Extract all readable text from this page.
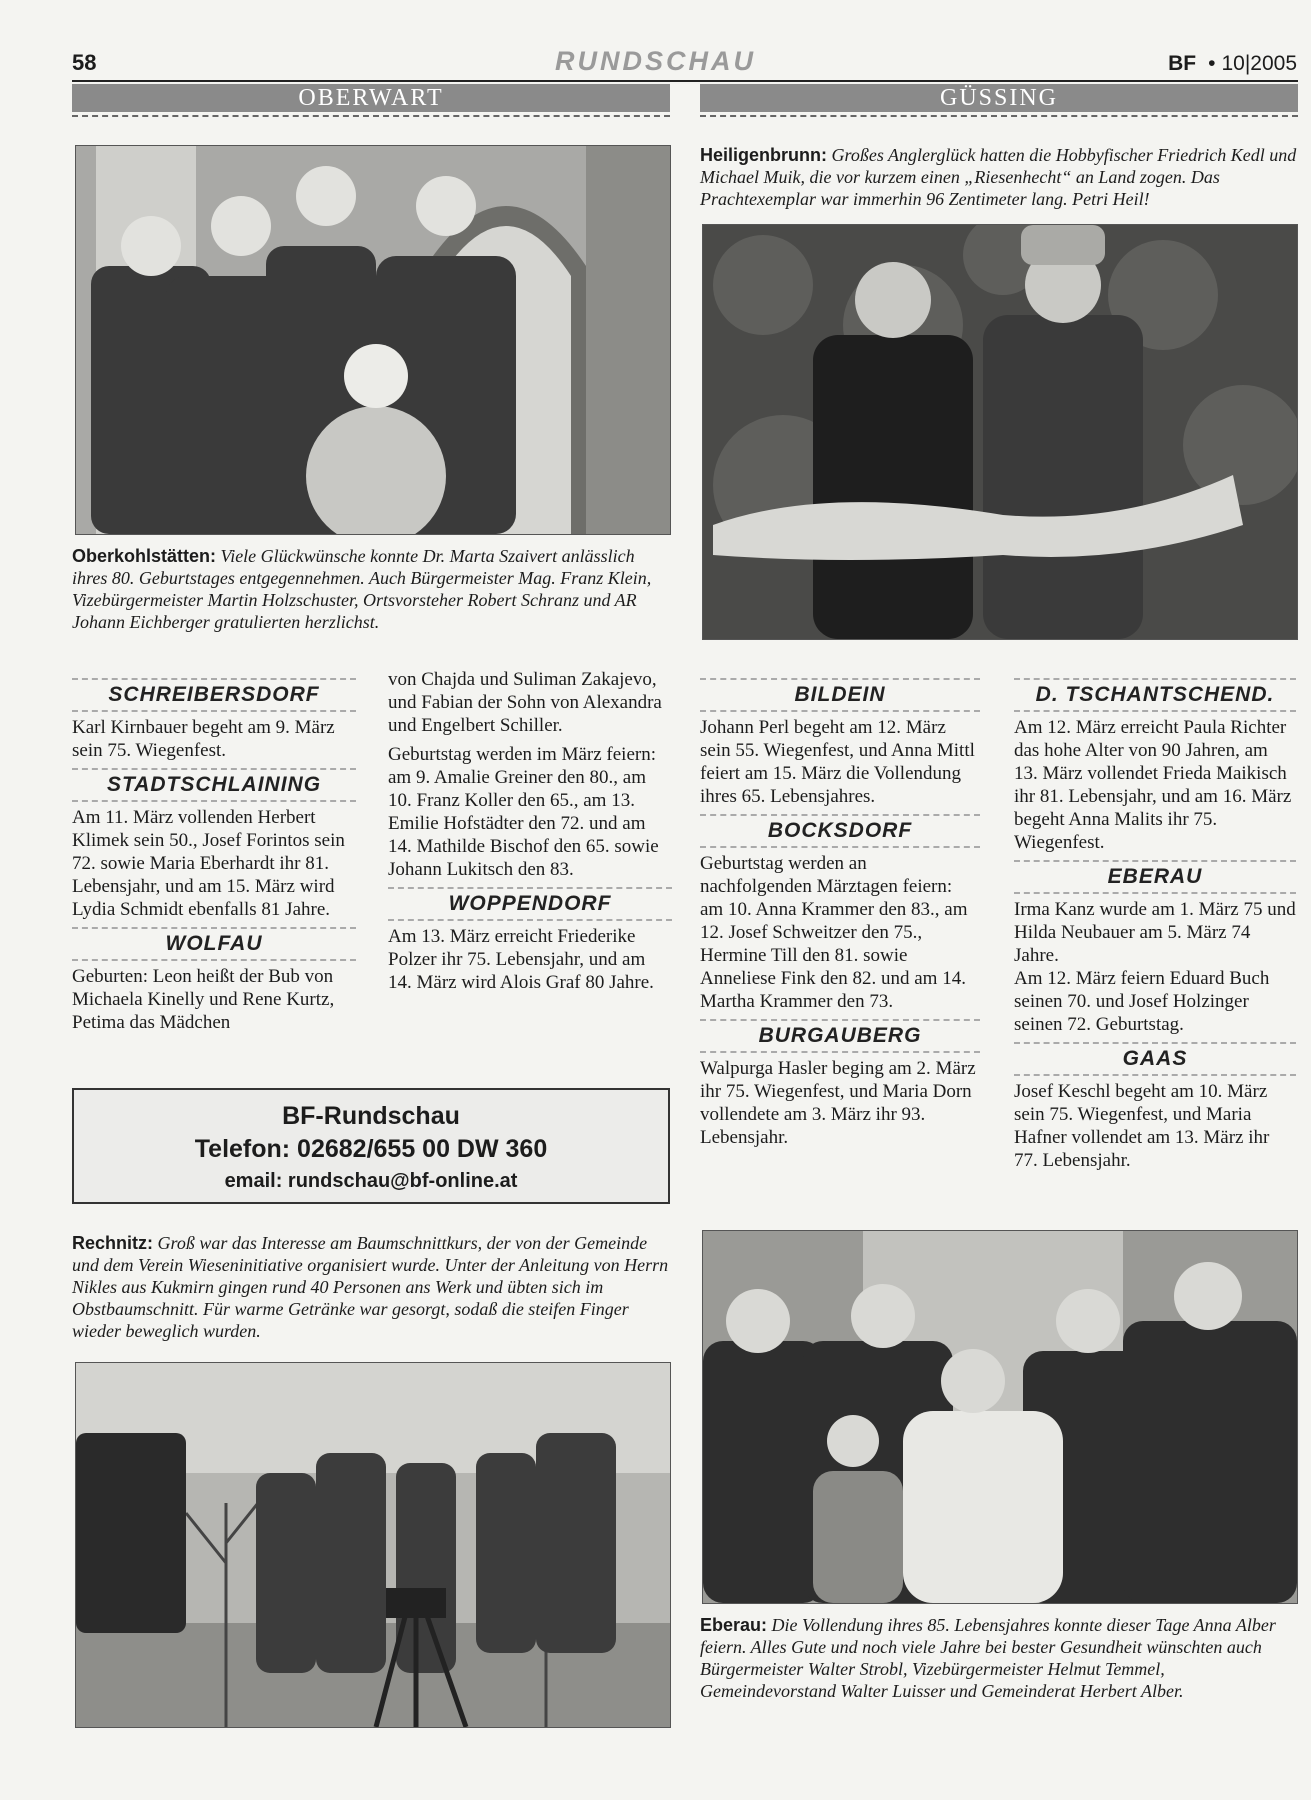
58	RUNDSCHAU	BF • 10|2005
OBERWART	GÜSSING
Oberkohlstätten: Viele Glückwünsche konnte Dr. Marta Szaivert anlässlich ihres 80. Geburtstages entgegennehmen. Auch Bürgermeister Mag. Franz Klein, Vizebürgermeister Martin Holzschuster, Ortsvorsteher Robert Schranz und AR Johann Eichberger gratulierten herzlichst.
Heiligenbrunn: Großes Anglerglück hatten die Hobbyfischer Friedrich Kedl und Michael Muik, die vor kurzem einen „Riesenhecht“ an Land zogen. Das Prachtexemplar war immerhin 96 Zentimeter lang. Petri Heil!
SCHREIBERSDORF
Karl Kirnbauer begeht am 9. März sein 75. Wiegenfest.
STADTSCHLAINING
Am 11. März vollenden Herbert Klimek sein 50., Josef Forintos sein 72. sowie Maria Eberhardt ihr 81. Lebensjahr, und am 15. März wird Lydia Schmidt ebenfalls 81 Jahre.
WOLFAU
Geburten: Leon heißt der Bub von Michaela Kinelly und Rene Kurtz, Petima das Mädchen
von Chajda und Suliman Zakajevo, und Fabian der Sohn von Alexandra und Engelbert Schiller.
Geburtstag werden im März feiern: am 9. Amalie Greiner den 80., am 10. Franz Koller den 65., am 13. Emilie Hofstädter den 72. und am 14. Mathilde Bischof den 65. sowie Johann Lukitsch den 83.
WOPPENDORF
Am 13. März erreicht Friederike Polzer ihr 75. Lebensjahr, und am 14. März wird Alois Graf 80 Jahre.
BILDEIN
Johann Perl begeht am 12. März sein 55. Wiegenfest, und Anna Mittl feiert am 15. März die Vollendung ihres 65. Lebensjahres.
BOCKSDORF
Geburtstag werden an nachfolgenden Märztagen feiern: am 10. Anna Krammer den 83., am 12. Josef Schweitzer den 75., Hermine Till den 81. sowie Anneliese Fink den 82. und am 14. Martha Krammer den 73.
BURGAUBERG
Walpurga Hasler beging am 2. März ihr 75. Wiegenfest, und Maria Dorn vollendete am 3. März ihr 93. Lebensjahr.
D. TSCHANTSCHEND.
Am 12. März erreicht Paula Richter das hohe Alter von 90 Jahren, am 13. März vollendet Frieda Maikisch ihr 81. Lebensjahr, und am 16. März begeht Anna Malits ihr 75. Wiegenfest.
EBERAU
Irma Kanz wurde am 1. März 75 und Hilda Neubauer am 5. März 74 Jahre.
Am 12. März feiern Eduard Buch seinen 70. und Josef Holzinger seinen 72. Geburtstag.
GAAS
Josef Keschl begeht am 10. März sein 75. Wiegenfest, und Maria Hafner vollendet am 13. März ihr 77. Lebensjahr.
BF-Rundschau
Telefon: 02682/655 00 DW 360
email: rundschau@bf-online.at
Rechnitz: Groß war das Interesse am Baumschnittkurs, der von der Gemeinde und dem Verein Wieseninitiative organisiert wurde. Unter der Anleitung von Herrn Nikles aus Kukmirn gingen rund 40 Personen ans Werk und übten sich im Obstbaumschnitt. Für warme Getränke war gesorgt, sodaß die steifen Finger wieder beweglich wurden.
Eberau: Die Vollendung ihres 85. Lebensjahres konnte dieser Tage Anna Alber feiern. Alles Gute und noch viele Jahre bei bester Gesundheit wünschten auch Bürgermeister Walter Strobl, Vizebürgermeister Helmut Temmel, Gemeindevorstand Walter Luisser und Gemeinderat Herbert Alber.
